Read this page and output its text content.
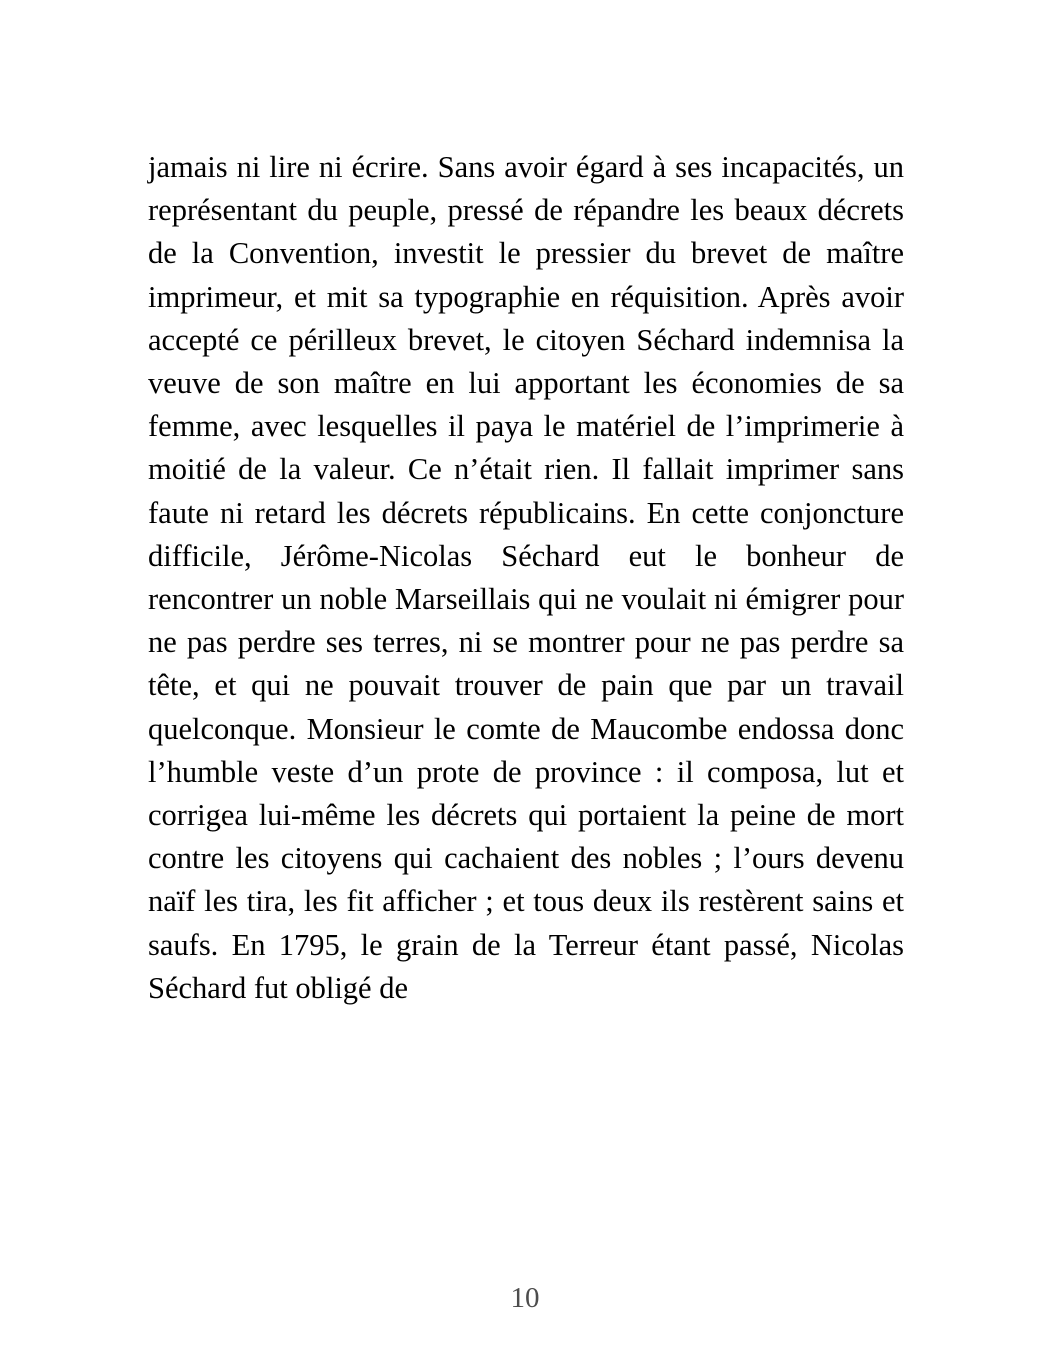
jamais ni lire ni écrire. Sans avoir égard à ses incapacités, un représentant du peuple, pressé de répandre les beaux décrets de la Convention, investit le pressier du brevet de maître imprimeur, et mit sa typographie en réquisition. Après avoir accepté ce périlleux brevet, le citoyen Séchard indemnisa la veuve de son maître en lui apportant les économies de sa femme, avec lesquelles il paya le matériel de l’imprimerie à moitié de la valeur. Ce n’était rien. Il fallait imprimer sans faute ni retard les décrets républicains. En cette conjoncture difficile, Jérôme-Nicolas Séchard eut le bonheur de rencontrer un noble Marseillais qui ne voulait ni émigrer pour ne pas perdre ses terres, ni se montrer pour ne pas perdre sa tête, et qui ne pouvait trouver de pain que par un travail quelconque. Monsieur le comte de Maucombe endossa donc l’humble veste d’un prote de province : il composa, lut et corrigea lui-même les décrets qui portaient la peine de mort contre les citoyens qui cachaient des nobles ; l’ours devenu naïf les tira, les fit afficher ; et tous deux ils restèrent sains et saufs. En 1795, le grain de la Terreur étant passé, Nicolas Séchard fut obligé de

10
